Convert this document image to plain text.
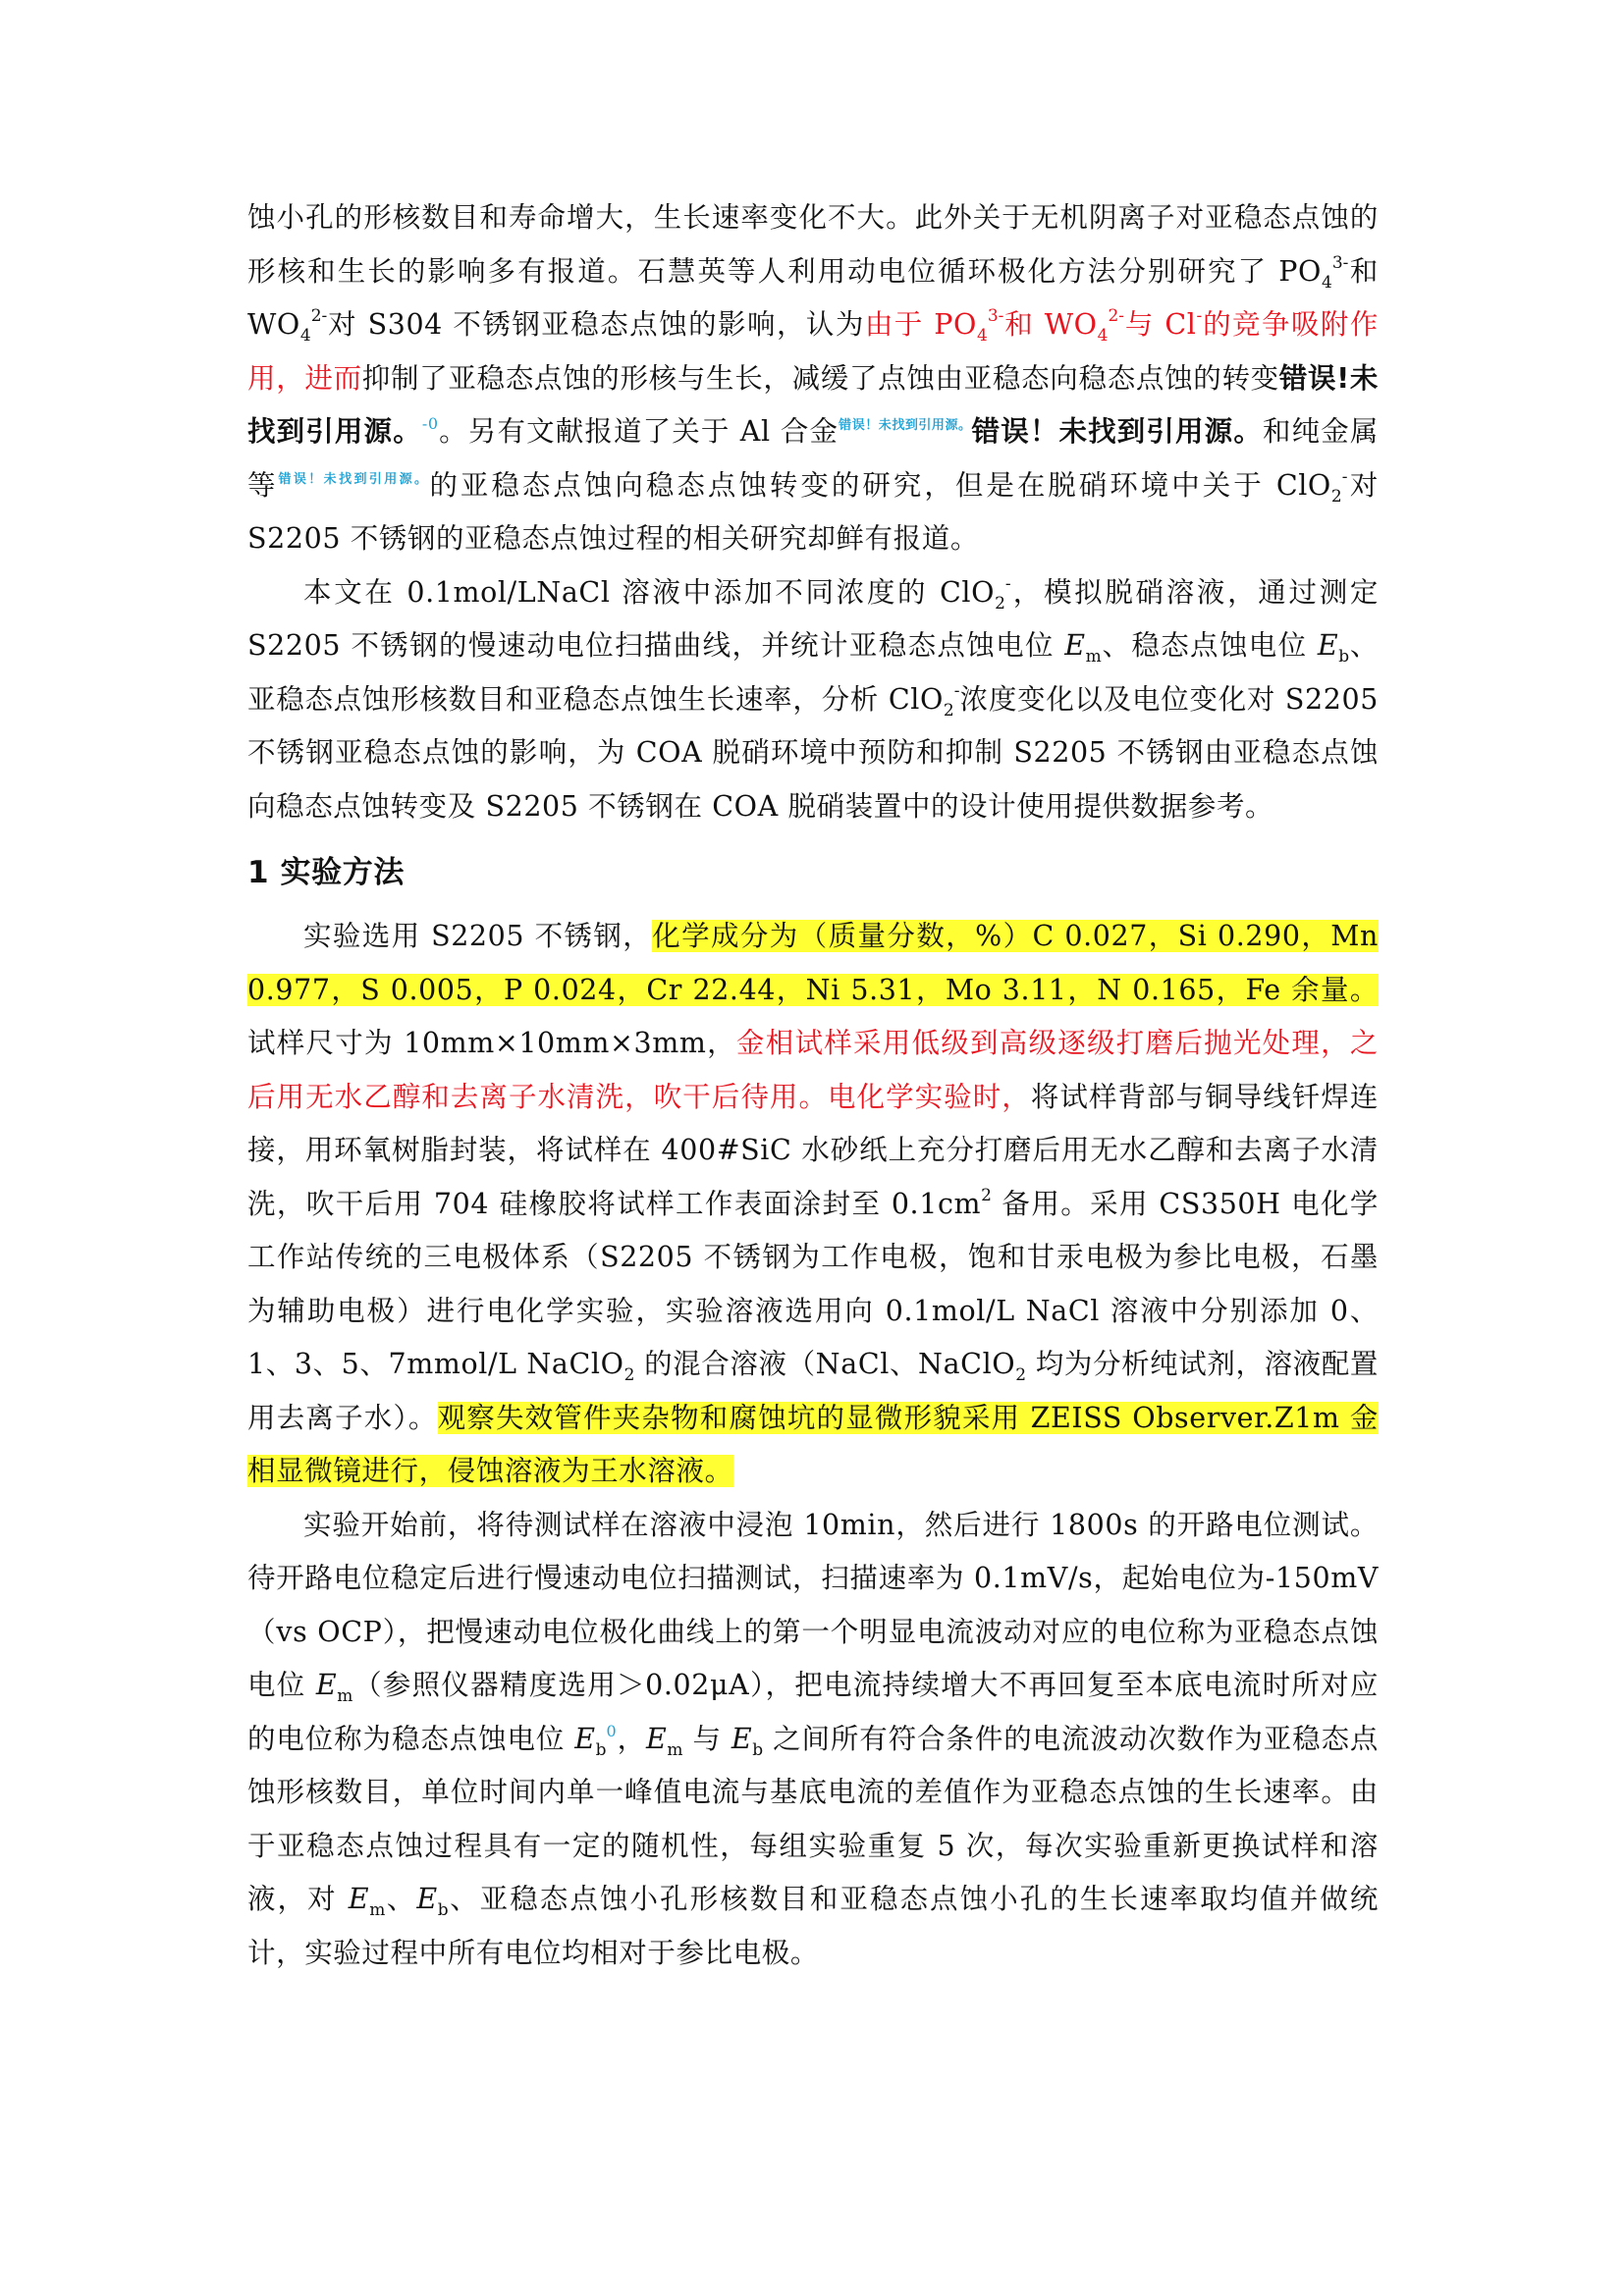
蚀小孔的形核数目和寿命增大，生长速率变化不大。此外关于无机阴离子对亚稳态点蚀的形核和生长的影响多有报道。石慧英等人利用动电位循环极化方法分别研究了 $PO_4^{3-}$和 $WO_4^{2-}$对 S304 不锈钢亚稳态点蚀的影响，认为由于 $PO_4^{3-}$和 $WO_4^{2-}$与 Cl-的竞争吸附作用，进而抑制了亚稳态点蚀的形核与生长，减缓了点蚀由亚稳态向稳态点蚀的转变错误!未找到引用源。$^{-0}$。另有文献报道了关于 Al 合金$^{错误!未找到引用源。}$错误！未找到引用源。和纯金属等$^{错误!未找到引用源。}$的亚稳态点蚀向稳态点蚀转变的研究，但是在脱硝环境中关于 ClO$_2$-对 S2205 不锈钢的亚稳态点蚀过程的相关研究却鲜有报道。

本文在 0.1mol/LNaCl 溶液中添加不同浓度的 ClO$_2$-，模拟脱硝溶液，通过测定 S2205 不锈钢的慢速动电位扫描曲线，并统计亚稳态点蚀电位 $E_m$、稳态点蚀电位 $E_b$、亚稳态点蚀形核数目和亚稳态点蚀生长速率，分析 ClO$_2$-浓度变化以及电位变化对 S2205 不锈钢亚稳态点蚀的影响，为 COA 脱硝环境中预防和抑制 S2205 不锈钢由亚稳态点蚀向稳态点蚀转变及 S2205 不锈钢在 COA 脱硝装置中的设计使用提供数据参考。

1 实验方法

实验选用 S2205 不锈钢，化学成分为（质量分数，%）C 0.027，Si 0.290，Mn 0.977，S 0.005，P 0.024，Cr 22.44，Ni 5.31，Mo 3.11，N 0.165，Fe 余量。试样尺寸为 10mm×10mm×3mm，金相试样采用低级到高级逐级打磨后抛光处理，之后用无水乙醇和去离子水清洗，吹干后待用。电化学实验时，将试样背部与铜导线钎焊连接，用环氧树脂封装，将试样在 400#SiC 水砂纸上充分打磨后用无水乙醇和去离子水清洗，吹干后用 704 硅橡胶将试样工作表面涂封至 $0.1cm^2$ 备用。采用 CS350H 电化学工作站传统的三电极体系（S2205 不锈钢为工作电极，饱和甘汞电极为参比电极，石墨为辅助电极）进行电化学实验，实验溶液选用向 0.1mol/L NaCl 溶液中分别添加 0、1、3、5、7mmol/L NaClO$_2$ 的混合溶液（NaCl、NaClO$_2$ 均为分析纯试剂，溶液配置用去离子水）。观察失效管件夹杂物和腐蚀坑的显微形貌采用 ZEISS Observer.Z1m 金相显微镜进行，侵蚀溶液为王水溶液。

实验开始前，将待测试样在溶液中浸泡 10min，然后进行 1800s 的开路电位测试。待开路电位稳定后进行慢速动电位扫描测试，扫描速率为 0.1mV/s，起始电位为-150mV（vs OCP），把慢速动电位极化曲线上的第一个明显电流波动对应的电位称为亚稳态点蚀电位 $E_m$（参照仪器精度选用＞0.02μA），把电流持续增大不再回复至本底电流时所对应的电位称为稳态点蚀电位 $E_b^0$，$E_m$ 与 $E_b$ 之间所有符合条件的电流波动次数作为亚稳态点蚀形核数目，单位时间内单一峰值电流与基底电流的差值作为亚稳态点蚀的生长速率。由于亚稳态点蚀过程具有一定的随机性，每组实验重复 5 次，每次实验重新更换试样和溶液，对 $E_m$、$E_b$、亚稳态点蚀小孔形核数目和亚稳态点蚀小孔的生长速率取均值并做统计，实验过程中所有电位均相对于参比电极。
